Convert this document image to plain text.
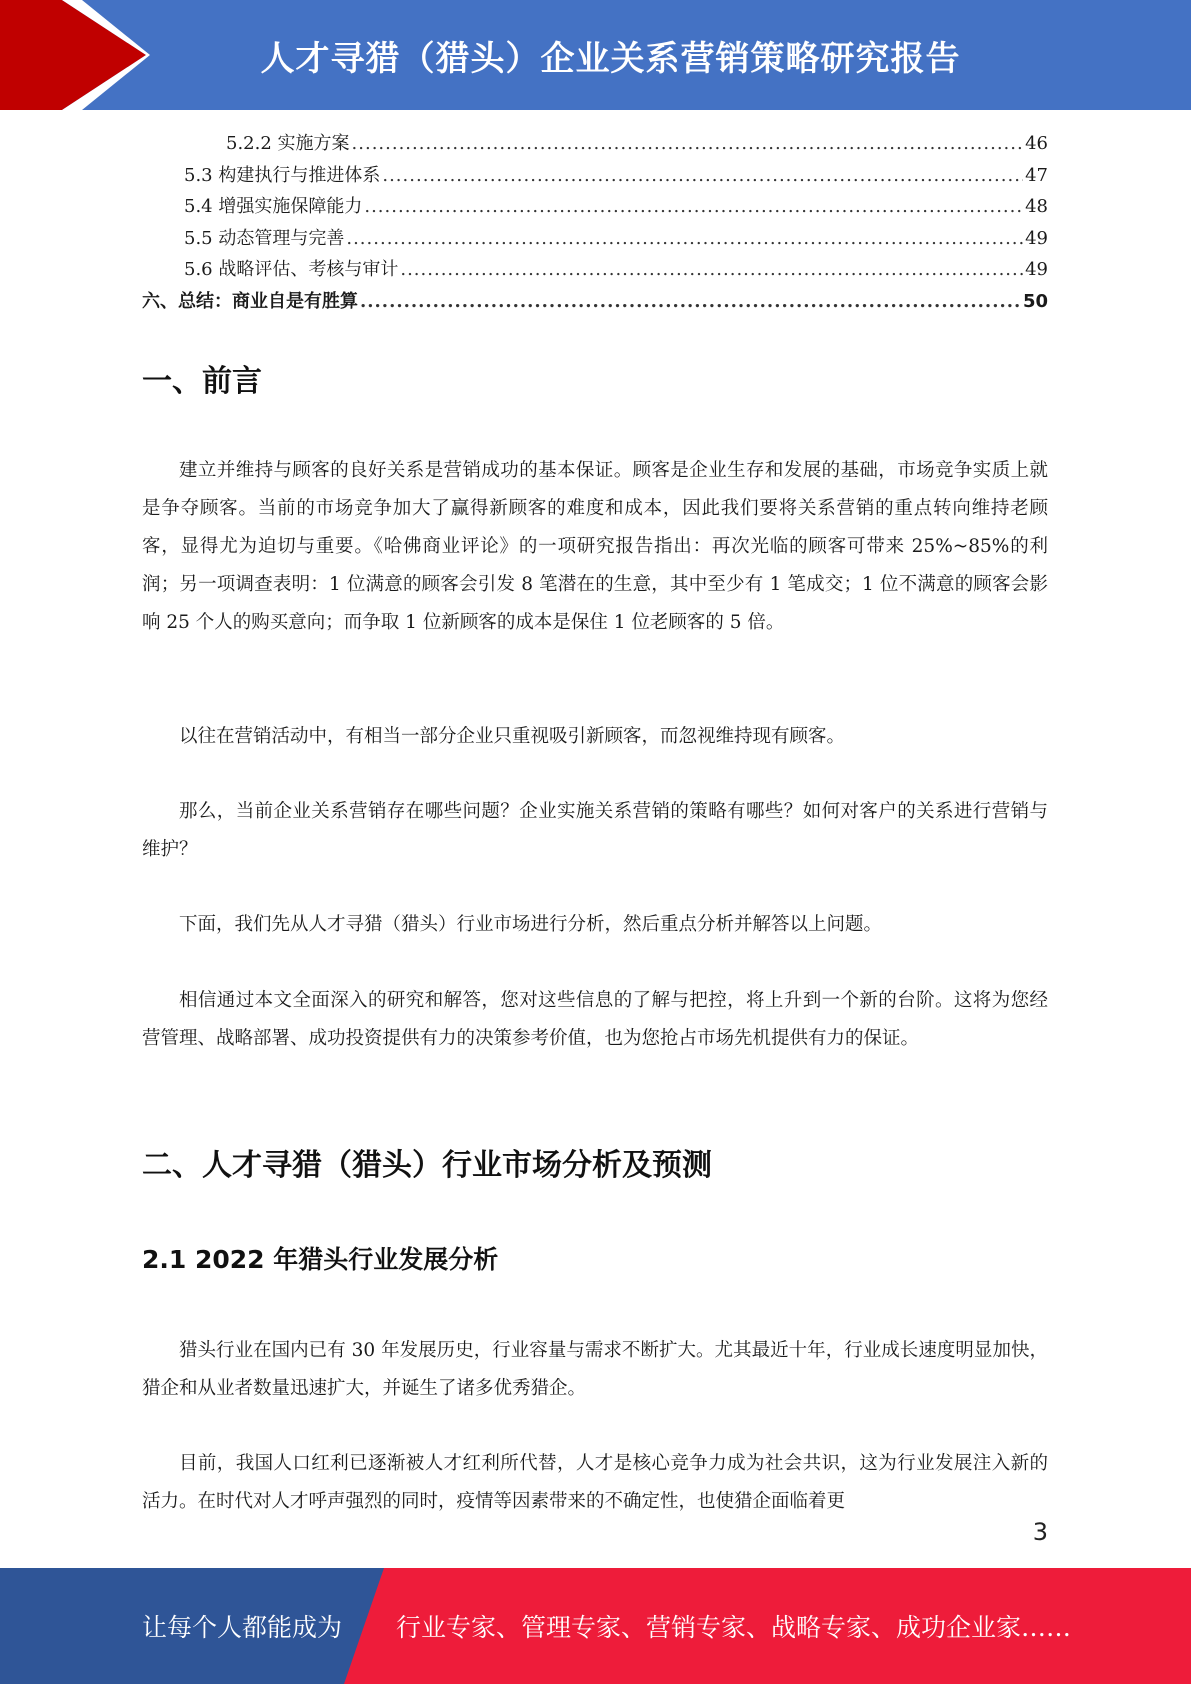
人才寻猎（猎头）企业关系营销策略研究报告
5.2.2 实施方案 .....	46
5.3 构建执行与推进体系 .....	47
5.4 增强实施保障能力 .....	48
5.5 动态管理与完善 .....	49
5.6 战略评估、考核与审计 .....	49
六、总结：商业自是有胜算 .....	50
一、前言

建立并维持与顾客的良好关系是营销成功的基本保证。顾客是企业生存和发展的基础，市场竞争实质上就是争夺顾客。当前的市场竞争加大了赢得新顾客的难度和成本，因此我们要将关系营销的重点转向维持老顾客，显得尤为迫切与重要。《哈佛商业评论》的一项研究报告指出：再次光临的顾客可带来 25%~85%的利润；另一项调查表明：1 位满意的顾客会引发 8 笔潜在的生意，其中至少有 1 笔成交；1 位不满意的顾客会影响 25 个人的购买意向；而争取 1 位新顾客的成本是保住 1 位老顾客的 5 倍。

以往在营销活动中，有相当一部分企业只重视吸引新顾客，而忽视维持现有顾客。

那么，当前企业关系营销存在哪些问题？企业实施关系营销的策略有哪些？如何对客户的关系进行营销与维护？

下面，我们先从人才寻猎（猎头）行业市场进行分析，然后重点分析并解答以上问题。

相信通过本文全面深入的研究和解答，您对这些信息的了解与把控，将上升到一个新的台阶。这将为您经营管理、战略部署、成功投资提供有力的决策参考价值，也为您抢占市场先机提供有力的保证。

二、人才寻猎（猎头）行业市场分析及预测
2.1 2022 年猎头行业发展分析

猎头行业在国内已有 30 年发展历史，行业容量与需求不断扩大。尤其最近十年，行业成长速度明显加快，猎企和从业者数量迅速扩大，并诞生了诸多优秀猎企。

目前，我国人口红利已逐渐被人才红利所代替，人才是核心竞争力成为社会共识，这为行业发展注入新的活力。在时代对人才呼声强烈的同时，疫情等因素带来的不确定性，也使猎企面临着更

3
让每个人都能成为 行业专家、管理专家、营销专家、战略专家、成功企业家……
